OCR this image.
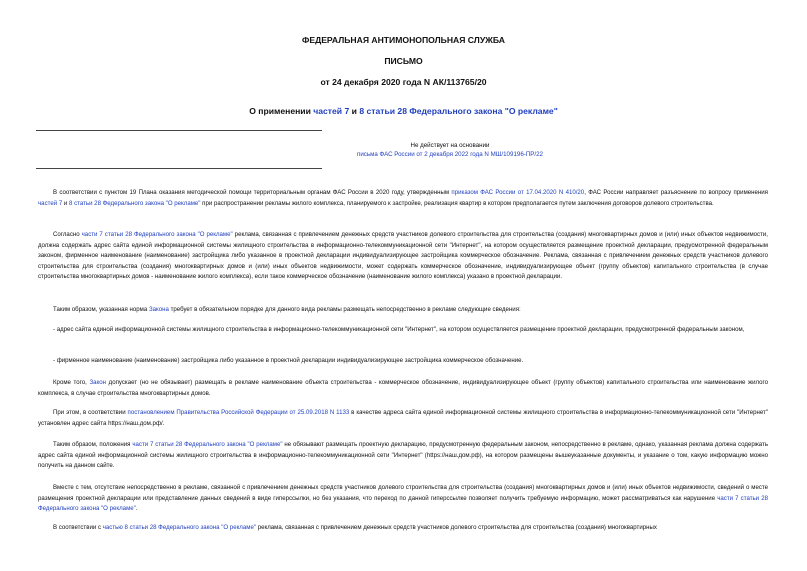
ФЕДЕРАЛЬНАЯ АНТИМОНОПОЛЬНАЯ СЛУЖБА
ПИСЬМО
от 24 декабря 2020 года N АК/113765/20
О применении частей 7 и 8 статьи 28 Федерального закона "О рекламе"
Не действует на основании
письма ФАС России от 2 декабря 2022 года N МШ/109196-ПР/22
В соответствии с пунктом 19 Плана оказания методической помощи территориальным органам ФАС России в 2020 году, утвержденным приказом ФАС России от 17.04.2020 N 410/20, ФАС России направляет разъяснение по вопросу применения частей 7 и 8 статьи 28 Федерального закона "О рекламе" при распространении рекламы жилого комплекса, планируемого к застройке, реализация квартир в котором предполагается путем заключения договоров долевого строительства.
Согласно части 7 статьи 28 Федерального закона "О рекламе" реклама, связанная с привлечением денежных средств участников долевого строительства для строительства (создания) многоквартирных домов и (или) иных объектов недвижимости, должна содержать адрес сайта единой информационной системы жилищного строительства в информационно-телекоммуникационной сети "Интернет", на котором осуществляется размещение проектной декларации, предусмотренной федеральным законом, фирменное наименование (наименование) застройщика либо указанное в проектной декларации индивидуализирующее застройщика коммерческое обозначение. Реклама, связанная с привлечением денежных средств участников долевого строительства для строительства (создания) многоквартирных домов и (или) иных объектов недвижимости, может содержать коммерческое обозначение, индивидуализирующее объект (группу объектов) капитального строительства (в случае строительства многоквартирных домов - наименование жилого комплекса), если такое коммерческое обозначение (наименование жилого комплекса) указано в проектной декларации.
Таким образом, указанная норма Закона требует в обязательном порядке для данного вида рекламы размещать непосредственно в рекламе следующие сведения:
- адрес сайта единой информационной системы жилищного строительства в информационно-телекоммуникационной сети "Интернет", на котором осуществляется размещение проектной декларации, предусмотренной федеральным законом,
- фирменное наименование (наименование) застройщика либо указанное в проектной декларации индивидуализирующее застройщика коммерческое обозначение.
Кроме того, Закон допускает (но не обязывает) размещать в рекламе наименование объекта строительства - коммерческое обозначение, индивидуализирующее объект (группу объектов) капитального строительства или наименование жилого комплекса, в случае строительства многоквартирных домов.
При этом, в соответствии постановлением Правительства Российской Федерации от 25.09.2018 N 1133 в качестве адреса сайта единой информационной системы жилищного строительства в информационно-телекоммуникационной сети "Интернет" установлен адрес сайта https://наш.дом.рф/.
Таким образом, положения части 7 статьи 28 Федерального закона "О рекламе" не обязывают размещать проектную декларацию, предусмотренную федеральным законом, непосредственно в рекламе, однако, указанная реклама должна содержать адрес сайта единой информационной системы жилищного строительства в информационно-телекоммуникационной сети "Интернет" (https://наш.дом.рф), на котором размещены вышеуказанные документы, и указание о том, какую информацию можно получить на данном сайте.
Вместе с тем, отсутствие непосредственно в рекламе, связанной с привлечением денежных средств участников долевого строительства для строительства (создания) многоквартирных домов и (или) иных объектов недвижимости, сведений о месте размещения проектной декларации или представление данных сведений в виде гиперссылки, но без указания, что переход по данной гиперссылке позволяет получить требуемую информацию, может рассматриваться как нарушение части 7 статьи 28 Федерального закона "О рекламе".
В соответствии с частью 8 статьи 28 Федерального закона "О рекламе" реклама, связанная с привлечением денежных средств участников долевого строительства для строительства (создания) многоквартирных
